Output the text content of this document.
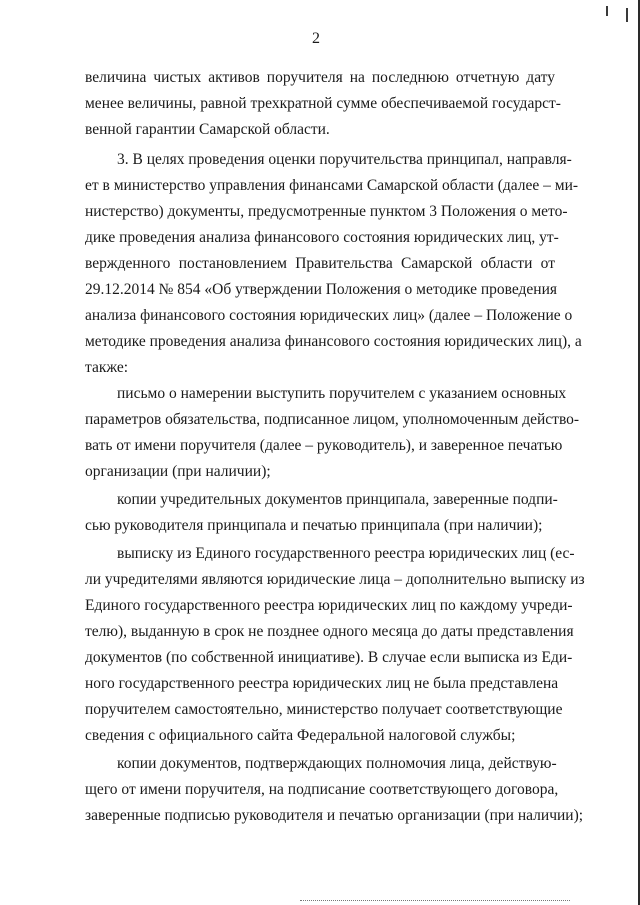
2
величина чистых активов поручителя на последнюю отчетную дату
менее величины, равной трехкратной сумме обеспечиваемой государст-
венной гарантии Самарской области.
3. В целях проведения оценки поручительства принципал, направля-
ет в министерство управления финансами Самарской области (далее – ми-
нистерство) документы, предусмотренные пунктом 3 Положения о мето-
дике проведения анализа финансового состояния юридических лиц, ут-
вержденного постановлением Правительства Самарской области от
29.12.2014 № 854 «Об утверждении Положения о методике проведения
анализа финансового состояния юридических лиц» (далее – Положение о
методике проведения анализа финансового состояния юридических лиц), а
также:
письмо о намерении выступить поручителем с указанием основных
параметров обязательства, подписанное лицом, уполномоченным действо-
вать от имени поручителя (далее – руководитель), и заверенное печатью
организации (при наличии);
копии учредительных документов принципала, заверенные подпи-
сью руководителя принципала и печатью принципала (при наличии);
выписку из Единого государственного реестра юридических лиц (ес-
ли учредителями являются юридические лица – дополнительно выписку из
Единого государственного реестра юридических лиц по каждому учреди-
телю), выданную в срок не позднее одного месяца до даты представления
документов (по собственной инициативе). В случае если выписка из Еди-
ного государственного реестра юридических лиц не была представлена
поручителем самостоятельно, министерство получает соответствующие
сведения с официального сайта Федеральной налоговой службы;
копии документов, подтверждающих полномочия лица, действую-
щего от имени поручителя, на подписание соответствующего договора,
заверенные подписью руководителя и печатью организации (при наличии);
